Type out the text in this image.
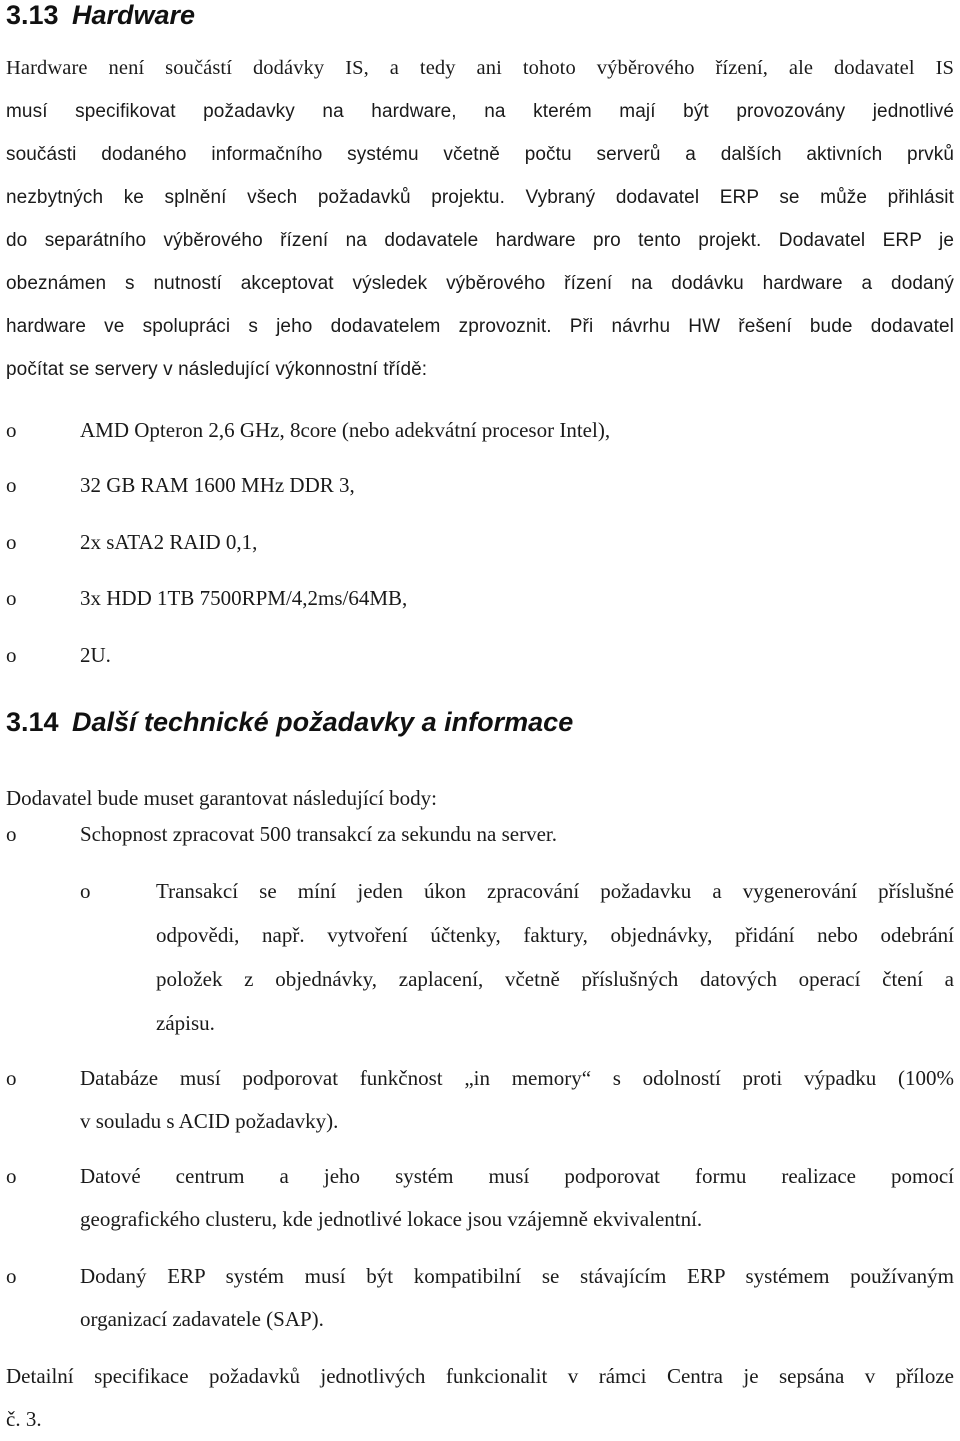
3.13 Hardware
Hardware není součástí dodávky IS, a tedy ani tohoto výběrového řízení, ale dodavatel IS
musí specifikovat požadavky na hardware, na kterém mají být provozovány jednotlivé
součásti dodaného informačního systému včetně počtu serverů a dalších aktivních prvků
nezbytných ke splnění všech požadavků projektu. Vybraný dodavatel ERP se může přihlásit
do separátního výběrového řízení na dodavatele hardware pro tento projekt. Dodavatel ERP je
obeznámen s nutností akceptovat výsledek výběrového řízení na dodávku hardware a dodaný
hardware ve spolupráci s jeho dodavatelem zprovoznit. Při návrhu HW řešení bude dodavatel
počítat se servery v následující výkonnostní třídě:
o	AMD Opteron 2,6 GHz, 8core (nebo adekvátní procesor Intel),
o	32 GB RAM 1600 MHz DDR 3,
o	2x sATA2 RAID 0,1,
o	3x HDD 1TB 7500RPM/4,2ms/64MB,
o	2U.
3.14 Další technické požadavky a informace

Dodavatel bude muset garantovat následující body:

o	Schopnost zpracovat 500 transakcí za sekundu na server.
o	Transakcí se míní jeden úkon zpracování požadavku a vygenerování příslušné
odpovědi, např. vytvoření účtenky, faktury, objednávky, přidání nebo odebrání
položek z objednávky, zaplacení, včetně příslušných datových operací čtení a
zápisu.
o	Databáze musí podporovat funkčnost „in memory“ s odolností proti výpadku (100%
v souladu s ACID požadavky).
o	Datové centrum a jeho systém musí podporovat formu realizace pomocí
geografického clusteru, kde jednotlivé lokace jsou vzájemně ekvivalentní.
o	Dodaný ERP systém musí být kompatibilní se stávajícím ERP systémem používaným
organizací zadavatele (SAP).
Detailní specifikace požadavků jednotlivých funkcionalit v rámci Centra je sepsána v příloze
č. 3.
